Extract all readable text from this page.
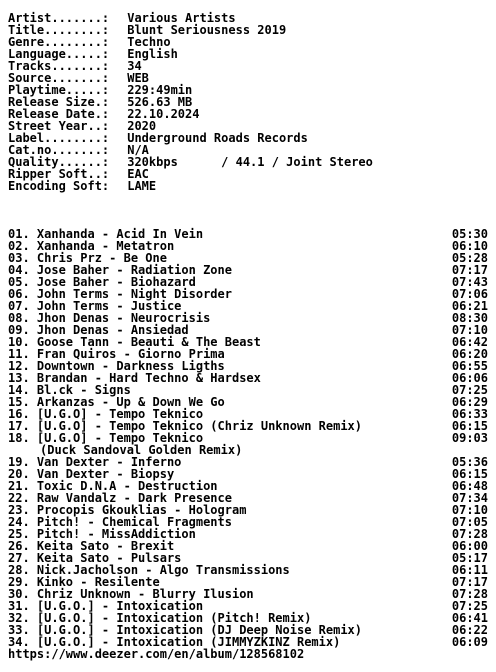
Artist.......: Various Artists
Title........: Blunt Seriousness 2019
Genre........: Techno
Language.....: English
Tracks.......: 34
Source.......: WEB
Playtime.....: 229:49min
Release Size.: 526.63 MB
Release Date.: 22.10.2024
Street Year..: 2020
Label........: Underground Roads Records
Cat.no.......: N/A
Quality......: 320kbps      / 44.1 / Joint Stereo
Ripper Soft..: EAC
Encoding Soft: LAME
01. Xanhanda - Acid In Vein	05:30
02. Xanhanda - Metatron	06:10
03. Chris Prz - Be One	05:28
04. Jose Baher - Radiation Zone	07:17
05. Jose Baher - Biohazard	07:43
06. John Terms - Night Disorder	07:06
07. John Terms - Justice	06:21
08. Jhon Denas - Neurocrisis	08:30
09. Jhon Denas - Ansiedad	07:10
10. Goose Tann - Beauti & The Beast	06:42
11. Fran Quiros - Giorno Prima	06:20
12. Downtown - Darkness Ligths	06:55
13. Brandan - Hard Techno & Hardsex	06:06
14. Bl.ck - Signs	07:25
15. Arkanzas - Up & Down We Go	06:29
16. [U.G.O] - Tempo Teknico	06:33
17. [U.G.O] - Tempo Teknico (Chriz Unknown Remix)	06:15
18. [U.G.O] - Tempo Teknico	09:03
(Duck Sandoval Golden Remix)
19. Van Dexter - Inferno	05:36
20. Van Dexter - Biopsy	06:15
21. Toxic D.N.A - Destruction	06:48
22. Raw Vandalz - Dark Presence	07:34
23. Procopis Gkouklias - Hologram	07:10
24. Pitch! - Chemical Fragments	07:05
25. Pitch! - MissAddiction	07:28
26. Keita Sato - Brexit	06:00
27. Keita Sato - Pulsars	05:17
28. Nick.Jacholson - Algo Transmissions	06:11
29. Kinko - Resilente	07:17
30. Chriz Unknown - Blurry Ilusion	07:28
31. [U.G.O.] - Intoxication	07:25
32. [U.G.O.] - Intoxication (Pitch! Remix)	06:41
33. [U.G.O.] - Intoxication (DJ Deep Noise Remix)	06:22
34. [U.G.O.] - Intoxication (JIMMYZKINZ Remix)	06:09
https://www.deezer.com/en/album/128568102
